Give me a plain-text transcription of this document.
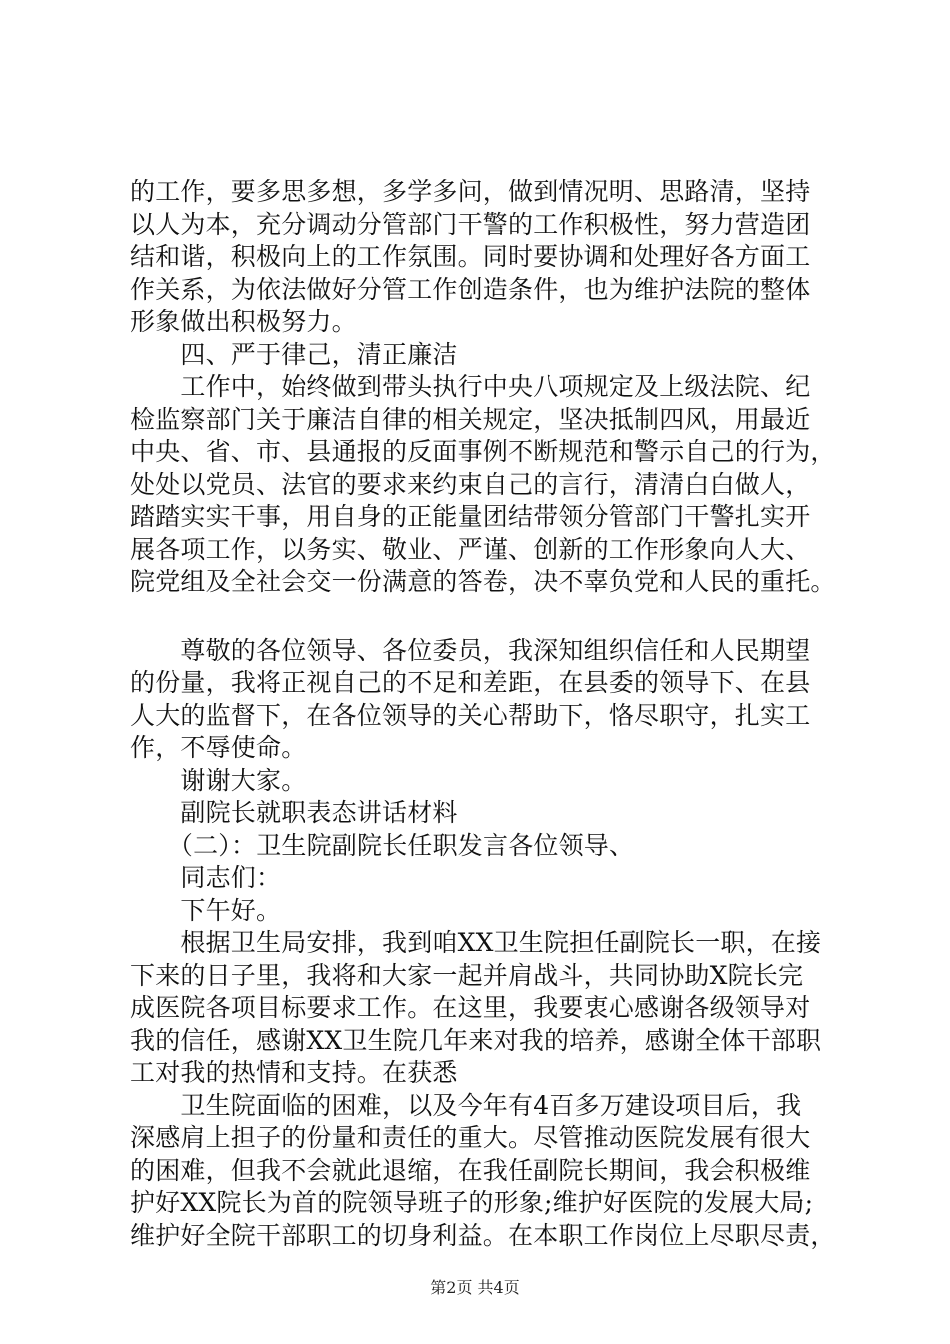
的工作，要多思多想，多学多问，做到情况明、思路清，坚持
以人为本，充分调动分管部门干警的工作积极性，努力营造团
结和谐，积极向上的工作氛围。同时要协调和处理好各方面工
作关系，为依法做好分管工作创造条件，也为维护法院的整体
形象做出积极努力。
　　四、严于律己，清正廉洁
　　工作中，始终做到带头执行中央八项规定及上级法院、纪
检监察部门关于廉洁自律的相关规定，坚决抵制四风，用最近
中央、省、市、县通报的反面事例不断规范和警示自己的行为，
处处以党员、法官的要求来约束自己的言行，清清白白做人，
踏踏实实干事，用自身的正能量团结带领分管部门干警扎实开
展各项工作，以务实、敬业、严谨、创新的工作形象向人大、
院党组及全社会交一份满意的答卷，决不辜负党和人民的重托。
　　尊敬的各位领导、各位委员，我深知组织信任和人民期望
的份量，我将正视自己的不足和差距，在县委的领导下、在县
人大的监督下，在各位领导的关心帮助下，恪尽职守，扎实工
作，不辱使命。
　　谢谢大家。
　　副院长就职表态讲话材料
　　（二）：卫生院副院长任职发言各位领导、
　　同志们：
　　下午好。
　　根据卫生局安排，我到咱XX卫生院担任副院长一职，在接
下来的日子里，我将和大家一起并肩战斗，共同协助X院长完
成医院各项目标要求工作。在这里，我要衷心感谢各级领导对
我的信任，感谢XX卫生院几年来对我的培养，感谢全体干部职
工对我的热情和支持。在获悉
　　卫生院面临的困难，以及今年有4百多万建设项目后，我
深感肩上担子的份量和责任的重大。尽管推动医院发展有很大
的困难，但我不会就此退缩，在我任副院长期间，我会积极维
护好XX院长为首的院领导班子的形象;维护好医院的发展大局;
维护好全院干部职工的切身利益。在本职工作岗位上尽职尽责，
第2页 共4页
